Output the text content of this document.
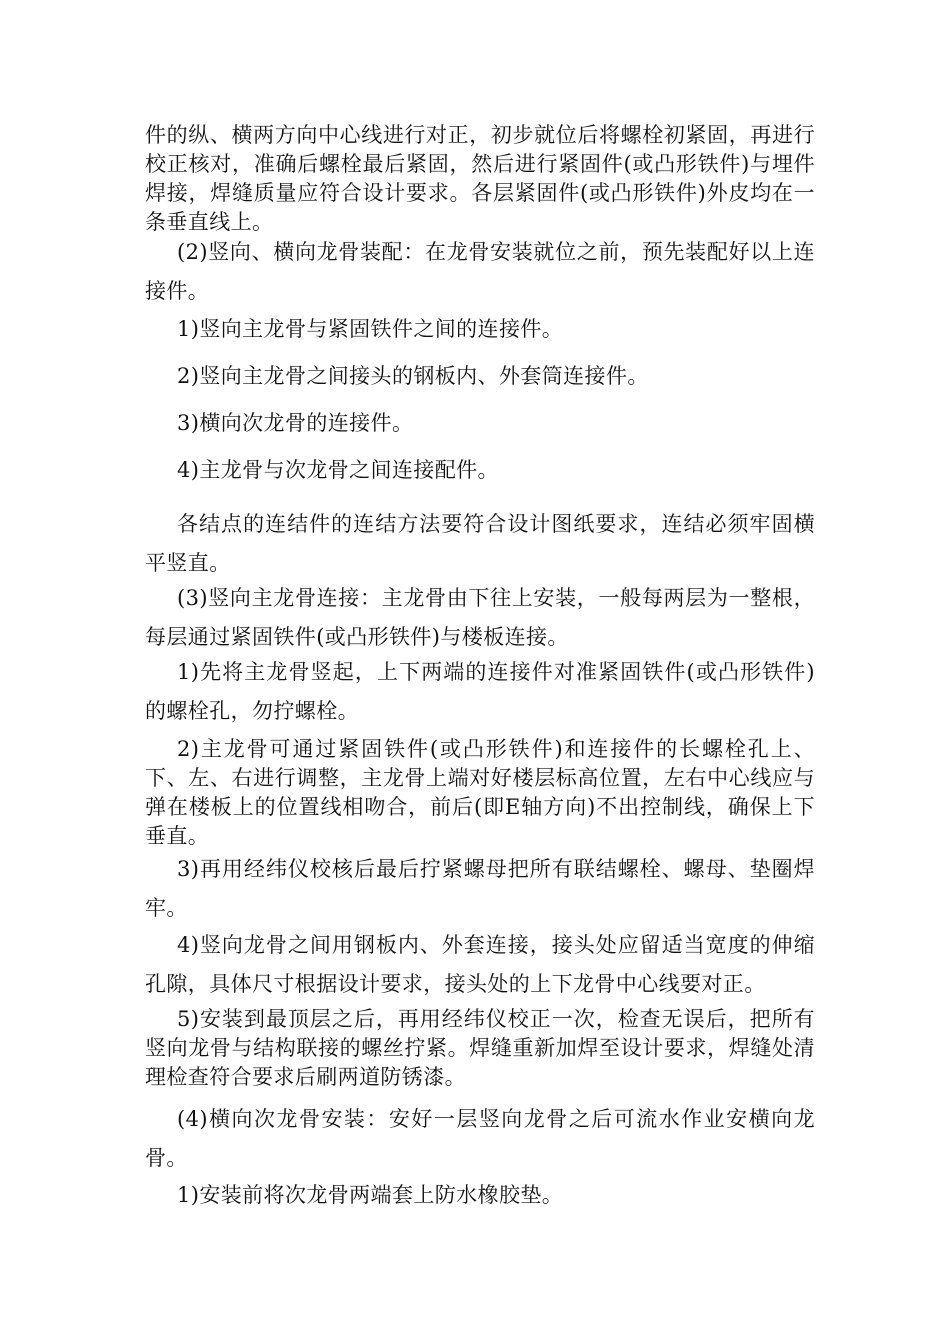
件的纵、横两方向中心线进行对正，初步就位后将螺栓初紧固，再进行校正核对，准确后螺栓最后紧固，然后进行紧固件(或凸形铁件)与埋件焊接，焊缝质量应符合设计要求。各层紧固件(或凸形铁件)外皮均在一条垂直线上。

(2)竖向、横向龙骨装配：在龙骨安装就位之前，预先装配好以上连接件。

1)竖向主龙骨与紧固铁件之间的连接件。

2)竖向主龙骨之间接头的钢板内、外套筒连接件。

3)横向次龙骨的连接件。

4)主龙骨与次龙骨之间连接配件。

各结点的连结件的连结方法要符合设计图纸要求，连结必须牢固横平竖直。

(3)竖向主龙骨连接：主龙骨由下往上安装，一般每两层为一整根，每层通过紧固铁件(或凸形铁件)与楼板连接。

1)先将主龙骨竖起，上下两端的连接件对准紧固铁件(或凸形铁件)的螺栓孔，勿拧螺栓。

2)主龙骨可通过紧固铁件(或凸形铁件)和连接件的长螺栓孔上、下、左、右进行调整，主龙骨上端对好楼层标高位置，左右中心线应与弹在楼板上的位置线相吻合，前后(即E轴方向)不出控制线，确保上下垂直。

3)再用经纬仪校核后最后拧紧螺母把所有联结螺栓、螺母、垫圈焊牢。

4)竖向龙骨之间用钢板内、外套连接，接头处应留适当宽度的伸缩孔隙，具体尺寸根据设计要求，接头处的上下龙骨中心线要对正。

5)安装到最顶层之后，再用经纬仪校正一次，检查无误后，把所有竖向龙骨与结构联接的螺丝拧紧。焊缝重新加焊至设计要求，焊缝处清理检查符合要求后刷两道防锈漆。

(4)横向次龙骨安装：安好一层竖向龙骨之后可流水作业安横向龙骨。

1)安装前将次龙骨两端套上防水橡胶垫。
